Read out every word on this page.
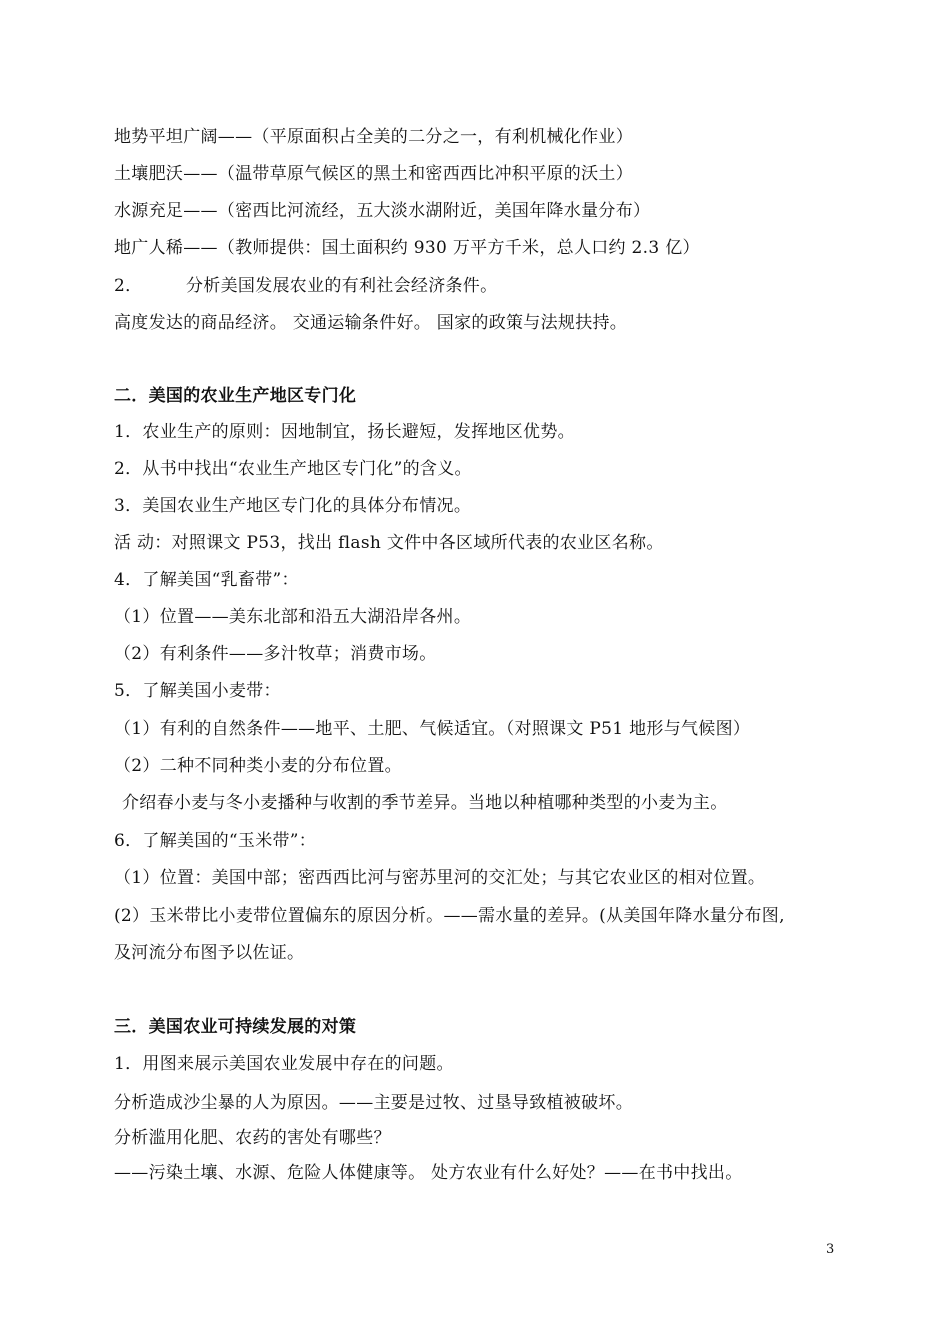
地势平坦广阔——（平原面积占全美的二分之一，有利机械化作业）
土壤肥沃——（温带草原气候区的黑土和密西西比冲积平原的沃土）
水源充足——（密西比河流经，五大淡水湖附近，美国年降水量分布）
地广人稀——（教师提供：国土面积约 930 万平方千米，总人口约 2.3 亿）
2．	分析美国发展农业的有利社会经济条件。
高度发达的商品经济。 交通运输条件好。 国家的政策与法规扶持。
二．美国的农业生产地区专门化
1．农业生产的原则：因地制宜，扬长避短，发挥地区优势。
2．从书中找出“农业生产地区专门化”的含义。
3．美国农业生产地区专门化的具体分布情况。
活 动：对照课文 P53，找出 flash 文件中各区域所代表的农业区名称。
4．了解美国“乳畜带”：
（1）位置——美东北部和沿五大湖沿岸各州。
（2）有利条件——多汁牧草；消费市场。
5．了解美国小麦带：
（1）有利的自然条件——地平、土肥、气候适宜。（对照课文 P51 地形与气候图）
（2）二种不同种类小麦的分布位置。
介绍春小麦与冬小麦播种与收割的季节差异。当地以种植哪种类型的小麦为主。
6．了解美国的“玉米带”：
（1）位置：美国中部；密西西比河与密苏里河的交汇处；与其它农业区的相对位置。
(2）玉米带比小麦带位置偏东的原因分析。——需水量的差异。(从美国年降水量分布图,
及河流分布图予以佐证。
三．美国农业可持续发展的对策
1．用图来展示美国农业发展中存在的问题。
分析造成沙尘暴的人为原因。——主要是过牧、过垦导致植被破坏。
分析滥用化肥、农药的害处有哪些？
——污染土壤、水源、危险人体健康等。 处方农业有什么好处？——在书中找出。
3
